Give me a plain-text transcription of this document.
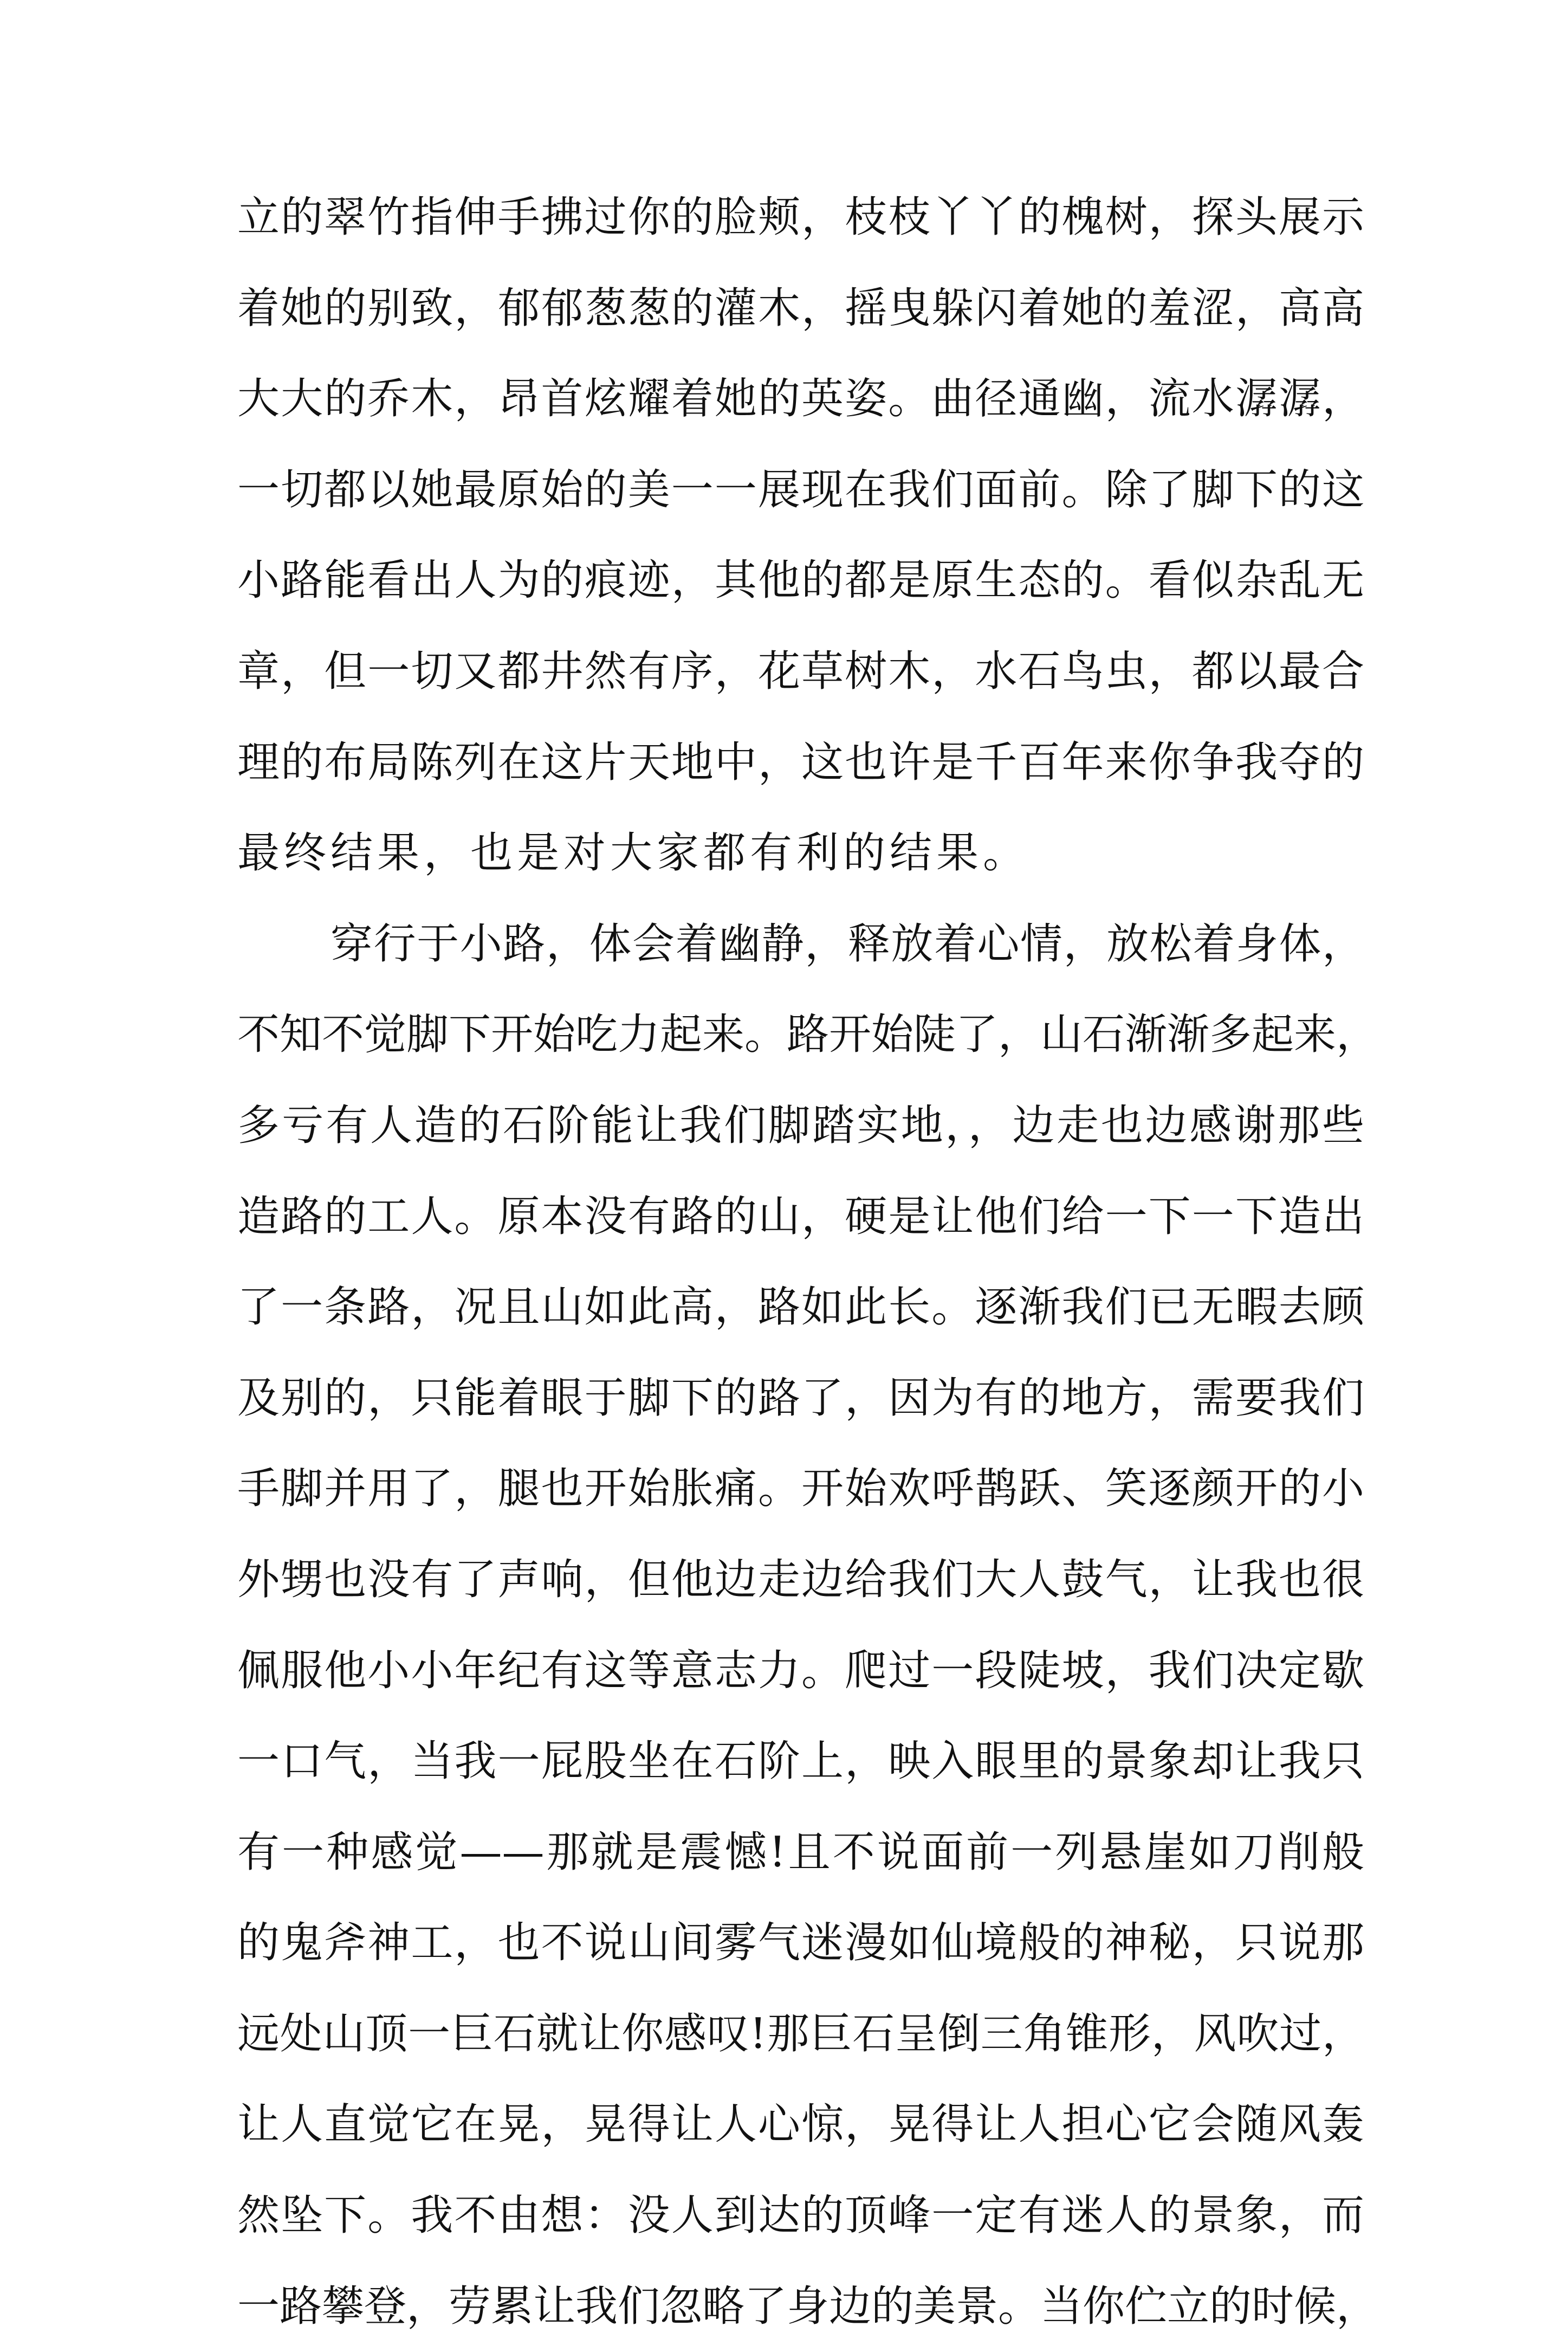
立的翠竹指伸手拂过你的脸颊，枝枝丫丫的槐树，探头展示
着她的别致，郁郁葱葱的灌木，摇曳躲闪着她的羞涩，高高
大大的乔木，昂首炫耀着她的英姿。曲径通幽，流水潺潺，
一切都以她最原始的美一一展现在我们面前。除了脚下的这
小路能看出人为的痕迹，其他的都是原生态的。看似杂乱无
章，但一切又都井然有序，花草树木，水石鸟虫，都以最合
理的布局陈列在这片天地中，这也许是千百年来你争我夺的
最终结果，也是对大家都有利的结果。
穿行于小路，体会着幽静，释放着心情，放松着身体，
不知不觉脚下开始吃力起来。路开始陡了，山石渐渐多起来，
多亏有人造的石阶能让我们脚踏实地，，边走也边感谢那些
造路的工人。原本没有路的山，硬是让他们给一下一下造出
了一条路，况且山如此高，路如此长。逐渐我们已无暇去顾
及别的，只能着眼于脚下的路了，因为有的地方，需要我们
手脚并用了，腿也开始胀痛。开始欢呼鹊跃、笑逐颜开的小
外甥也没有了声响，但他边走边给我们大人鼓气，让我也很
佩服他小小年纪有这等意志力。爬过一段陡坡，我们决定歇
一口气，当我一屁股坐在石阶上，映入眼里的景象却让我只
有一种感觉——那就是震憾!且不说面前一列悬崖如刀削般
的鬼斧神工，也不说山间雾气迷漫如仙境般的神秘，只说那
远处山顶一巨石就让你感叹!那巨石呈倒三角锥形，风吹过，
让人直觉它在晃，晃得让人心惊，晃得让人担心它会随风轰
然坠下。我不由想：没人到达的顶峰一定有迷人的景象，而
一路攀登，劳累让我们忽略了身边的美景。当你伫立的时候，
